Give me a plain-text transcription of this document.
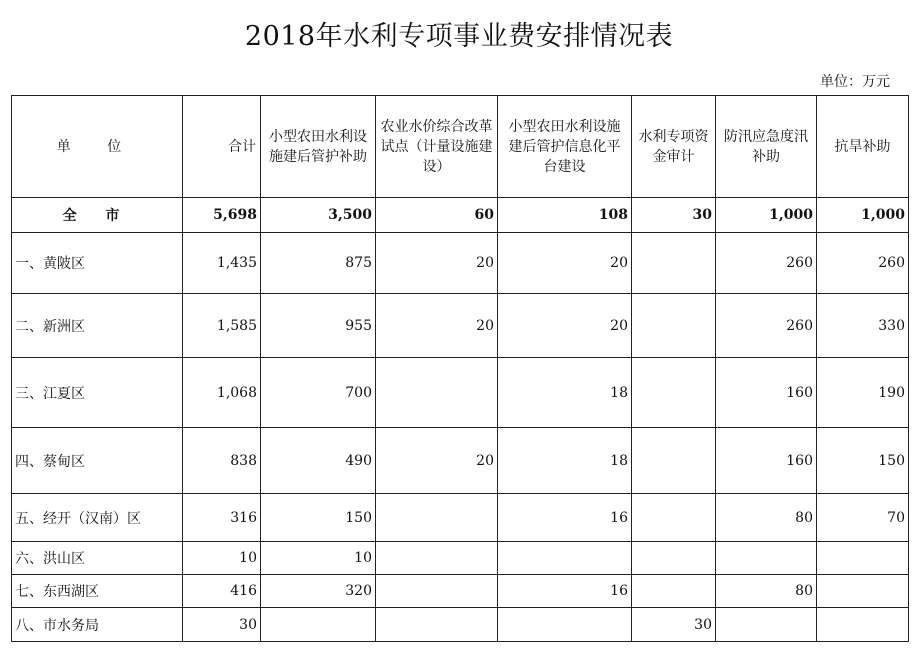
2018年水利专项事业费安排情况表
单位：万元
单 位	合计	小型农田水利设施建后管护补助	农业水价综合改革试点（计量设施建设）	小型农田水利设施建后管护信息化平台建设	水利专项资金审计	防汛应急度汛补助	抗旱补助
全 市	5,698	3,500	60	108	30	1,000	1,000
一、黄陂区	1,435	875	20	20		260	260
二、新洲区	1,585	955	20	20		260	330
三、江夏区	1,068	700		18		160	190
四、蔡甸区	838	490	20	18		160	150
五、经开（汉南）区	316	150		16		80	70
六、洪山区	10	10					
七、东西湖区	416	320		16		80	
八、市水务局	30				30		
